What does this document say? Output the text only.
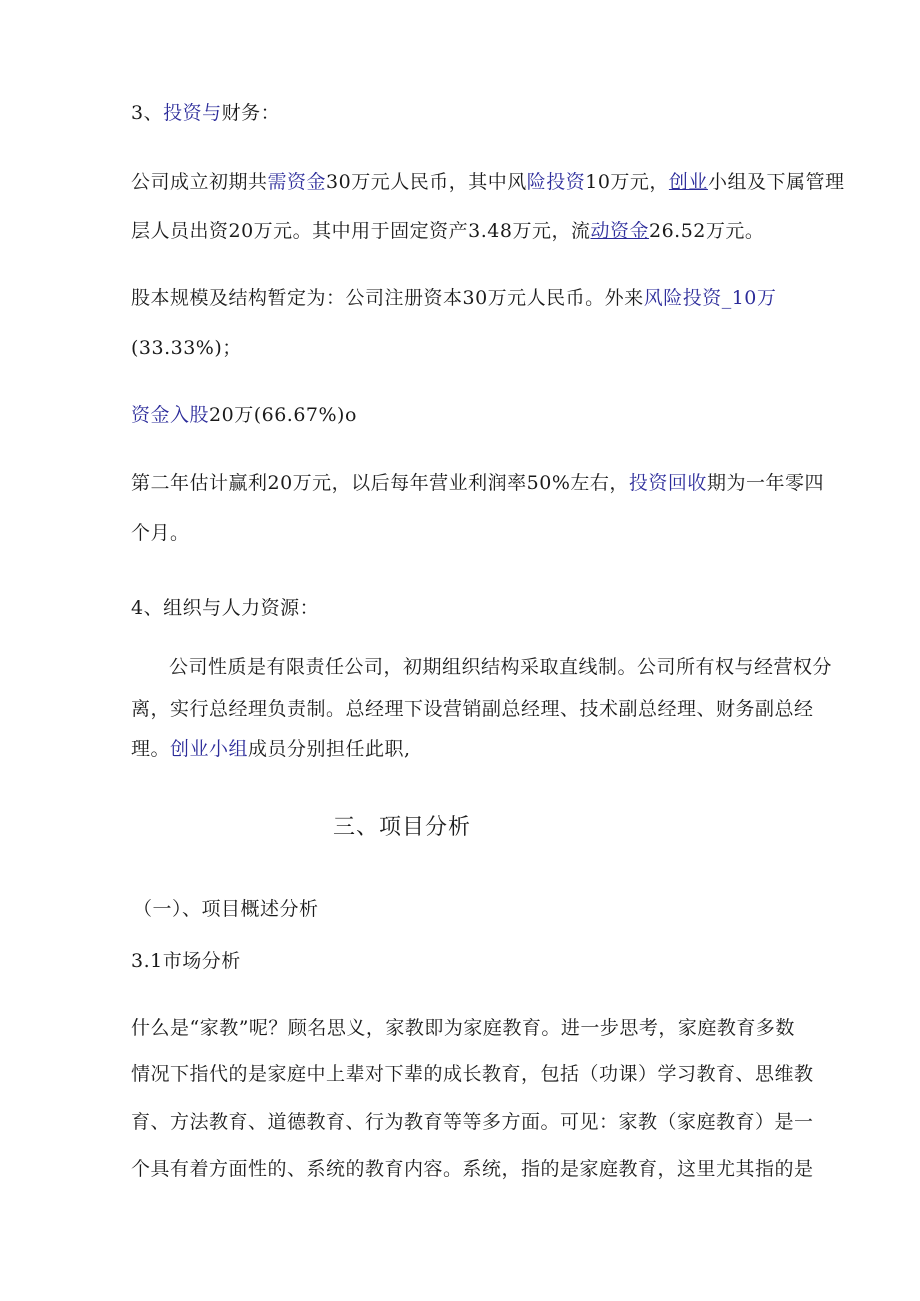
3、投资与财务：
公司成立初期共需资金30万元人民币，其中风险投资10万元，创业小组及下属管理
层人员出资20万元。其中用于固定资产3.48万元，流动资金26.52万元。
股本规模及结构暂定为：公司注册资本30万元人民币。外来风险投资_10万
(33.33%)；
资金入股20万(66.67%)o
第二年估计赢利20万元，以后每年营业利润率50%左右，投资回收期为一年零四
个月。
4、组织与人力资源：
公司性质是有限责任公司，初期组织结构采取直线制。公司所有权与经营权分
离，实行总经理负责制。总经理下设营销副总经理、技术副总经理、财务副总经
理。创业小组成员分别担任此职,
三、项目分析
（一）、项目概述分析
3.1市场分析
什么是“家教”呢？顾名思义，家教即为家庭教育。进一步思考，家庭教育多数
情况下指代的是家庭中上辈对下辈的成长教育，包括（功课）学习教育、思维教
育、方法教育、道德教育、行为教育等等多方面。可见：家教（家庭教育）是一
个具有着方面性的、系统的教育内容。系统，指的是家庭教育，这里尤其指的是
